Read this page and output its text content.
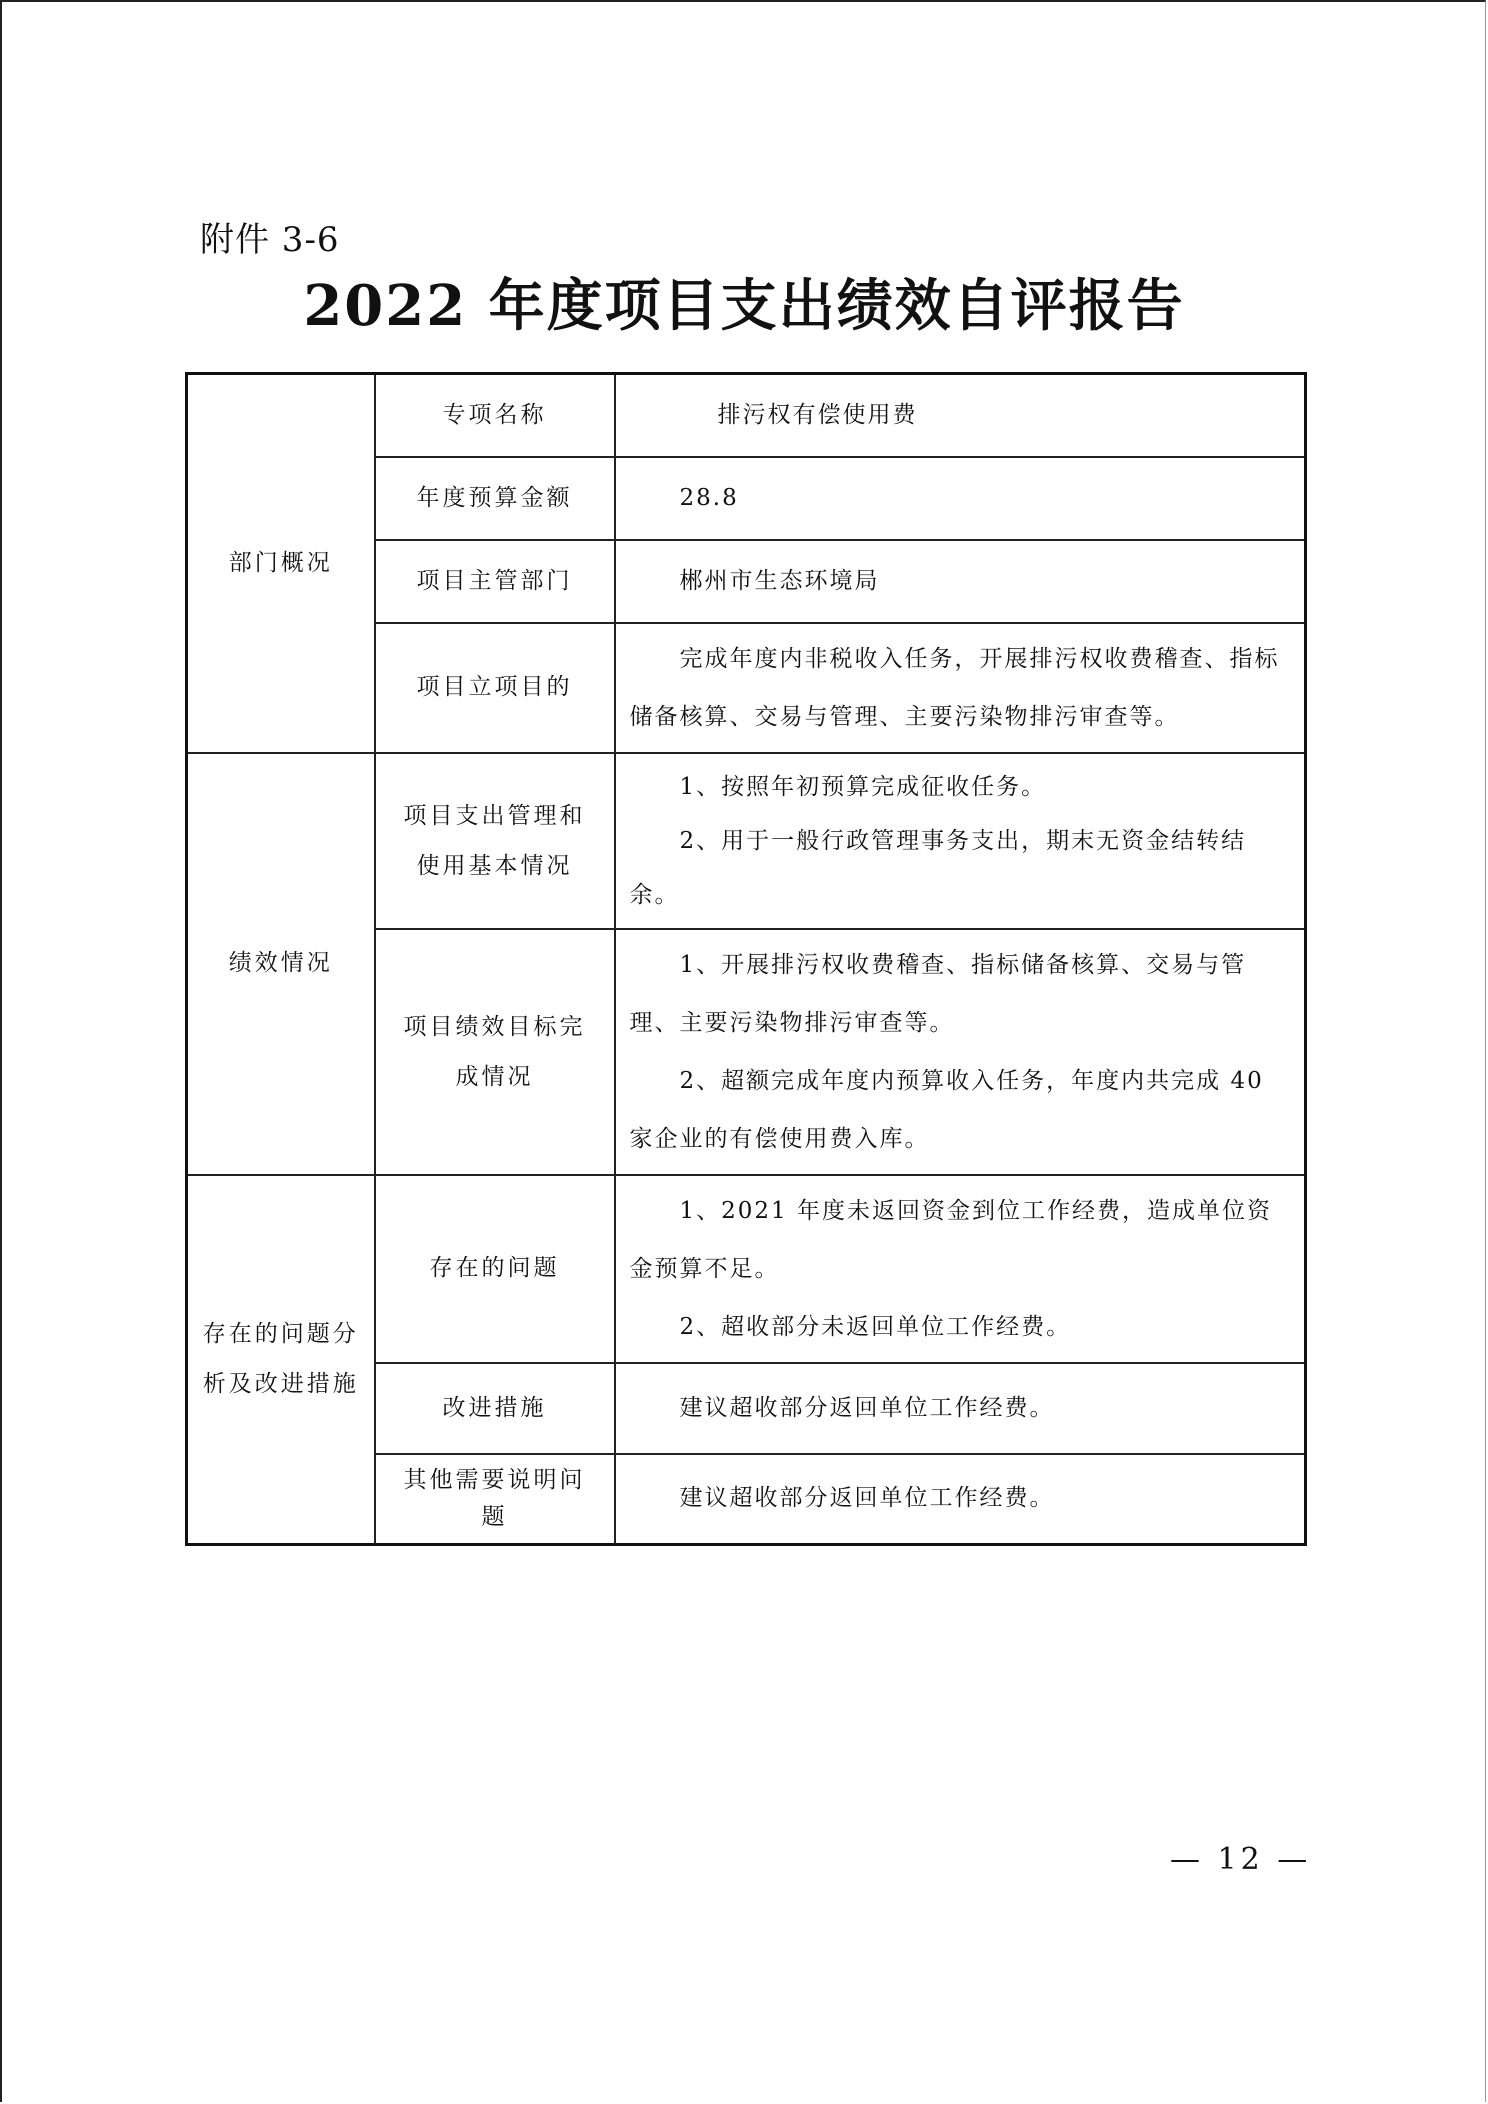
附件 3-6
2022 年度项目支出绩效自评报告
部门概况	专项名称	排污权有偿使用费

	年度预算金额	28.8

	项目主管部门	郴州市生态环境局

	项目立项目的	完成年度内非税收入任务，开展排污权收费稽查、指标储备核算、交易与管理、主要污染物排污审查等。

绩效情况	项目支出管理和使用基本情况	1、按照年初预算完成征收任务。

2、用于一般行政管理事务支出，期末无资金结转结余。

	项目绩效目标完成情况	1、开展排污权收费稽查、指标储备核算、交易与管理、主要污染物排污审查等。

2、超额完成年度内预算收入任务，年度内共完成 40 家企业的有偿使用费入库。

存在的问题分析及改进措施	存在的问题	1、2021 年度未返回资金到位工作经费，造成单位资金预算不足。

2、超收部分未返回单位工作经费。

	改进措施	建议超收部分返回单位工作经费。

	其他需要说明问题	建议超收部分返回单位工作经费。

— 12 —
